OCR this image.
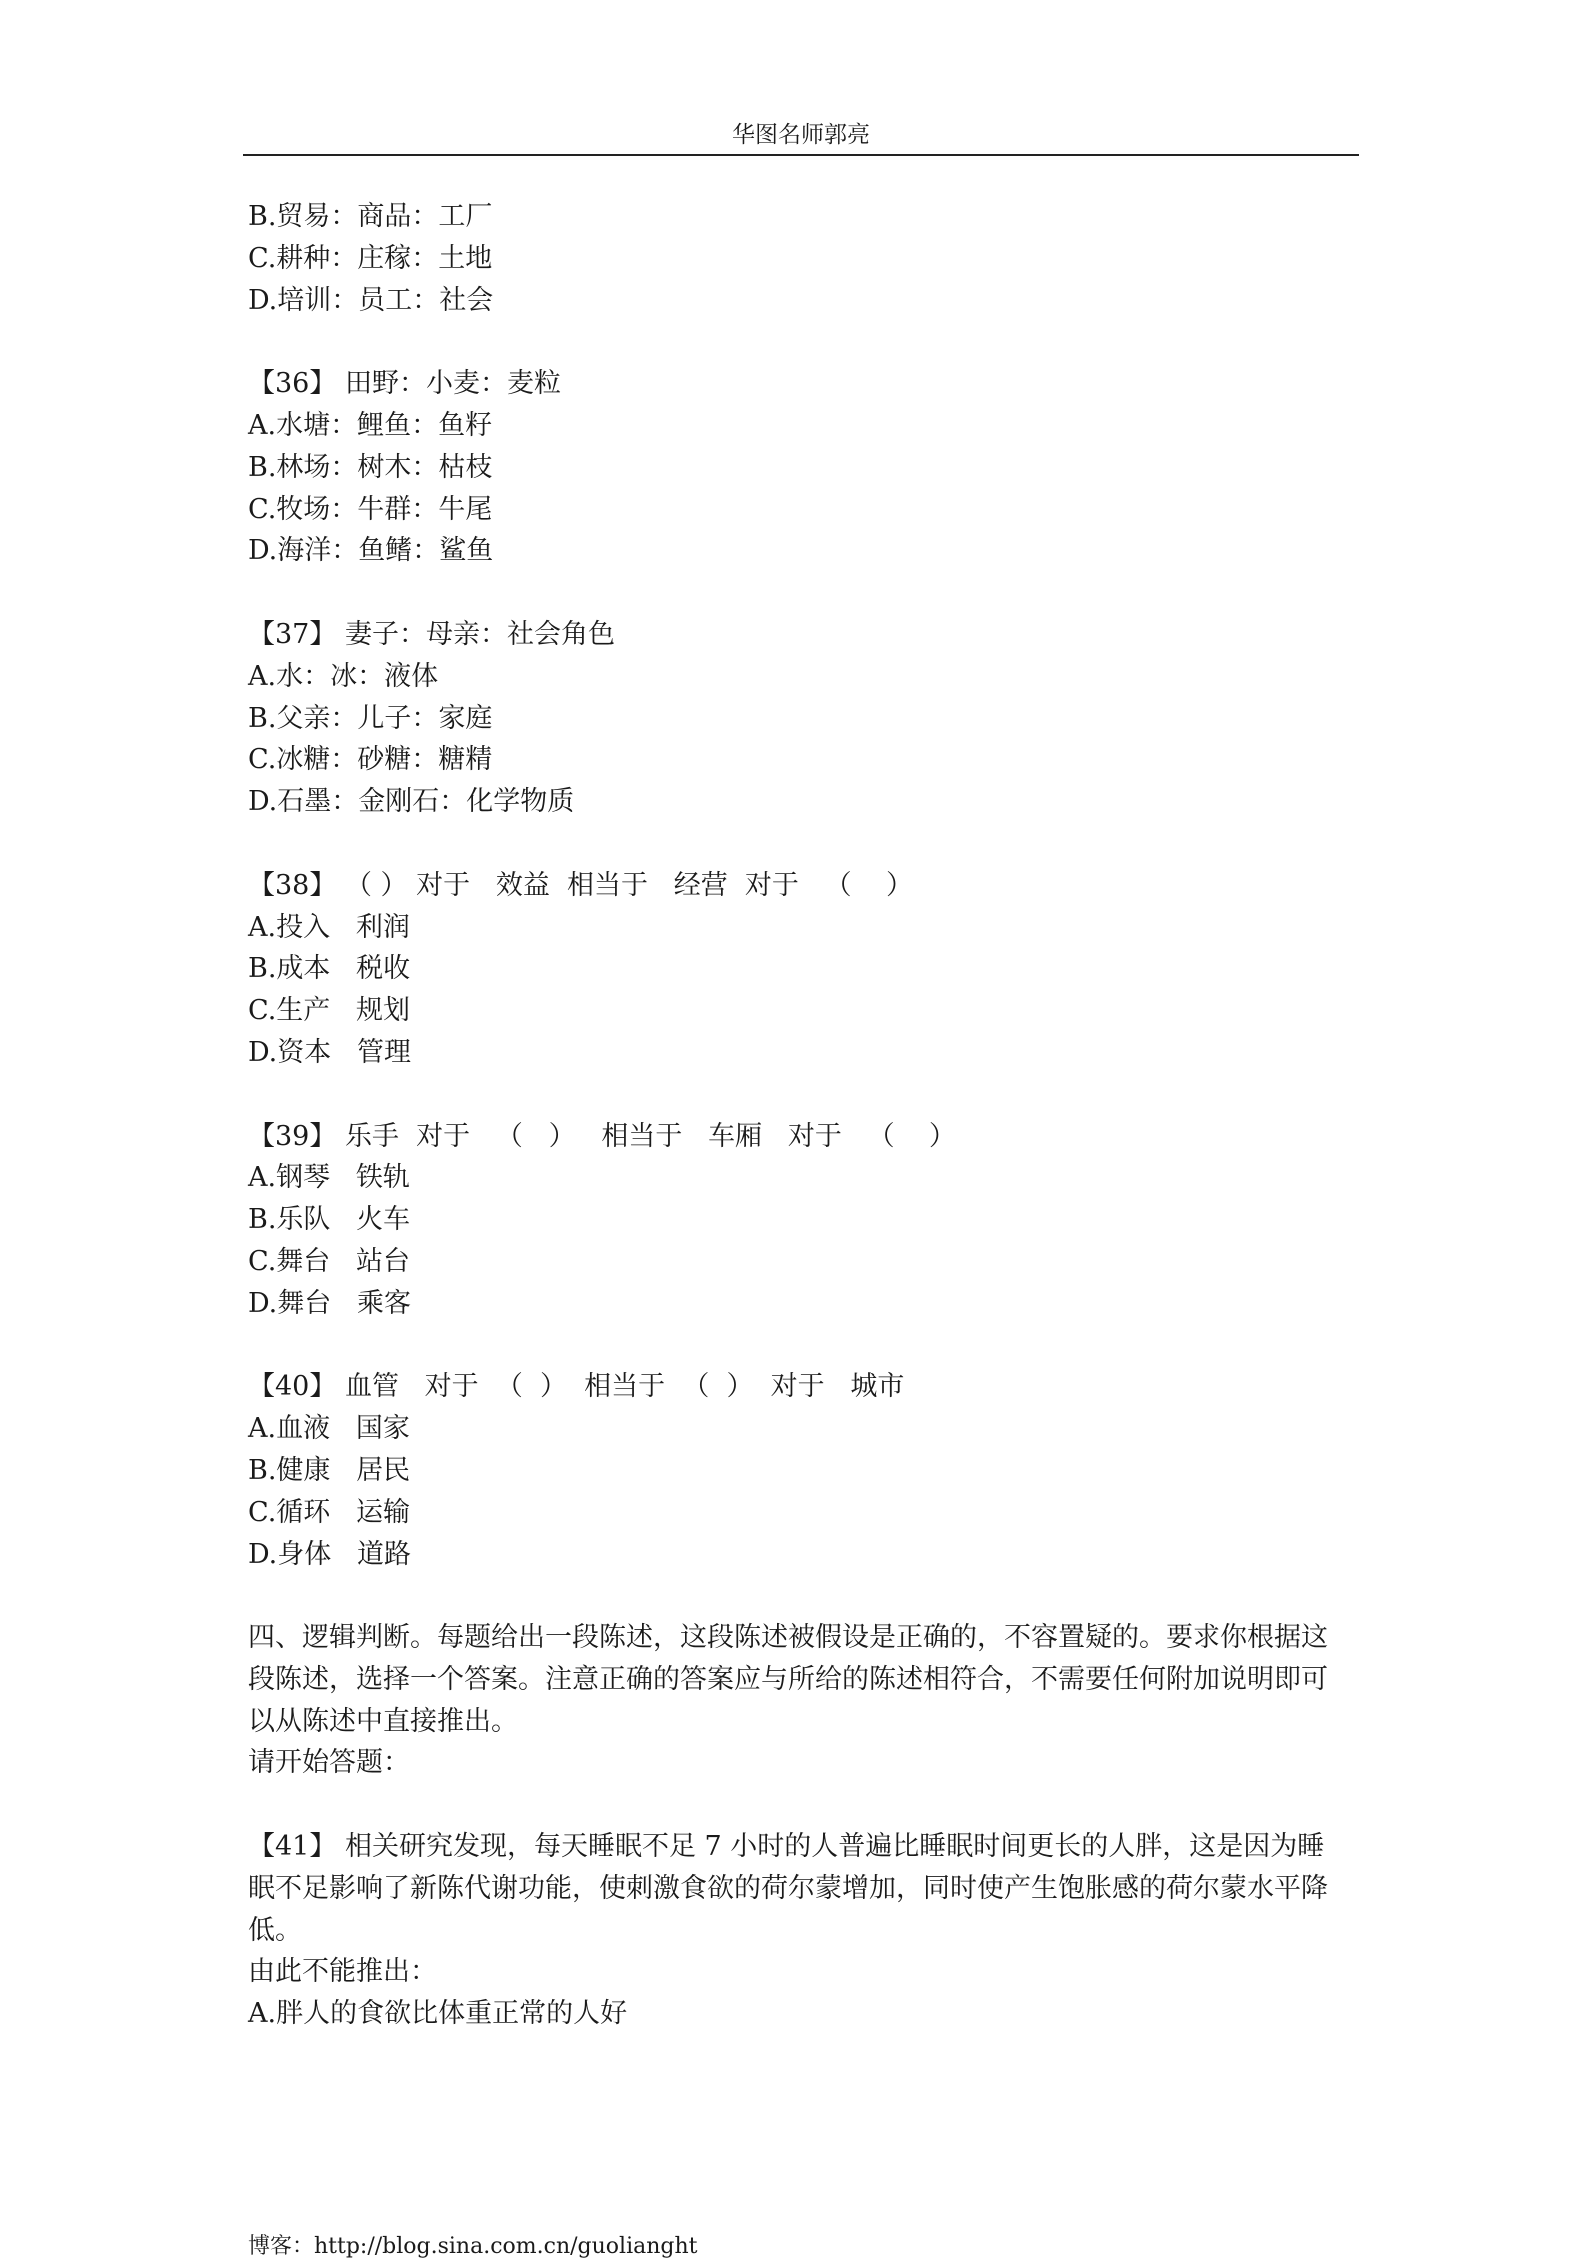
华图名师郭亮
B.贸易：商品：工厂
C.耕种：庄稼：土地
D.培训：员工：社会
【36】 田野：小麦：麦粒
A.水塘：鲤鱼：鱼籽
B.林场：树木：枯枝
C.牧场：牛群：牛尾
D.海洋：鱼鳍：鲨鱼
【37】 妻子：母亲：社会角色
A.水：冰：液体
B.父亲：儿子：家庭
C.冰糖：砂糖：糖精
D.石墨：金刚石：化学物质
【38】 （ ） 对于   效益  相当于   经营  对于   （    ）
A.投入   利润
B.成本   税收
C.生产   规划
D.资本   管理
【39】 乐手  对于   （   ）   相当于   车厢   对于   （    ）
A.钢琴   铁轨
B.乐队   火车
C.舞台   站台
D.舞台   乘客
【40】 血管   对于  （  ）  相当于  （  ）  对于   城市
A.血液   国家
B.健康   居民
C.循环   运输
D.身体   道路
四、逻辑判断。每题给出一段陈述，这段陈述被假设是正确的，不容置疑的。要求你根据这
段陈述，选择一个答案。注意正确的答案应与所给的陈述相符合，不需要任何附加说明即可
以从陈述中直接推出。
请开始答题：
【41】 相关研究发现，每天睡眠不足 7 小时的人普遍比睡眠时间更长的人胖，这是因为睡
眠不足影响了新陈代谢功能，使刺激食欲的荷尔蒙增加，同时使产生饱胀感的荷尔蒙水平降
低。
由此不能推出：
A.胖人的食欲比体重正常的人好
博客：http://blog.sina.com.cn/guolianght
